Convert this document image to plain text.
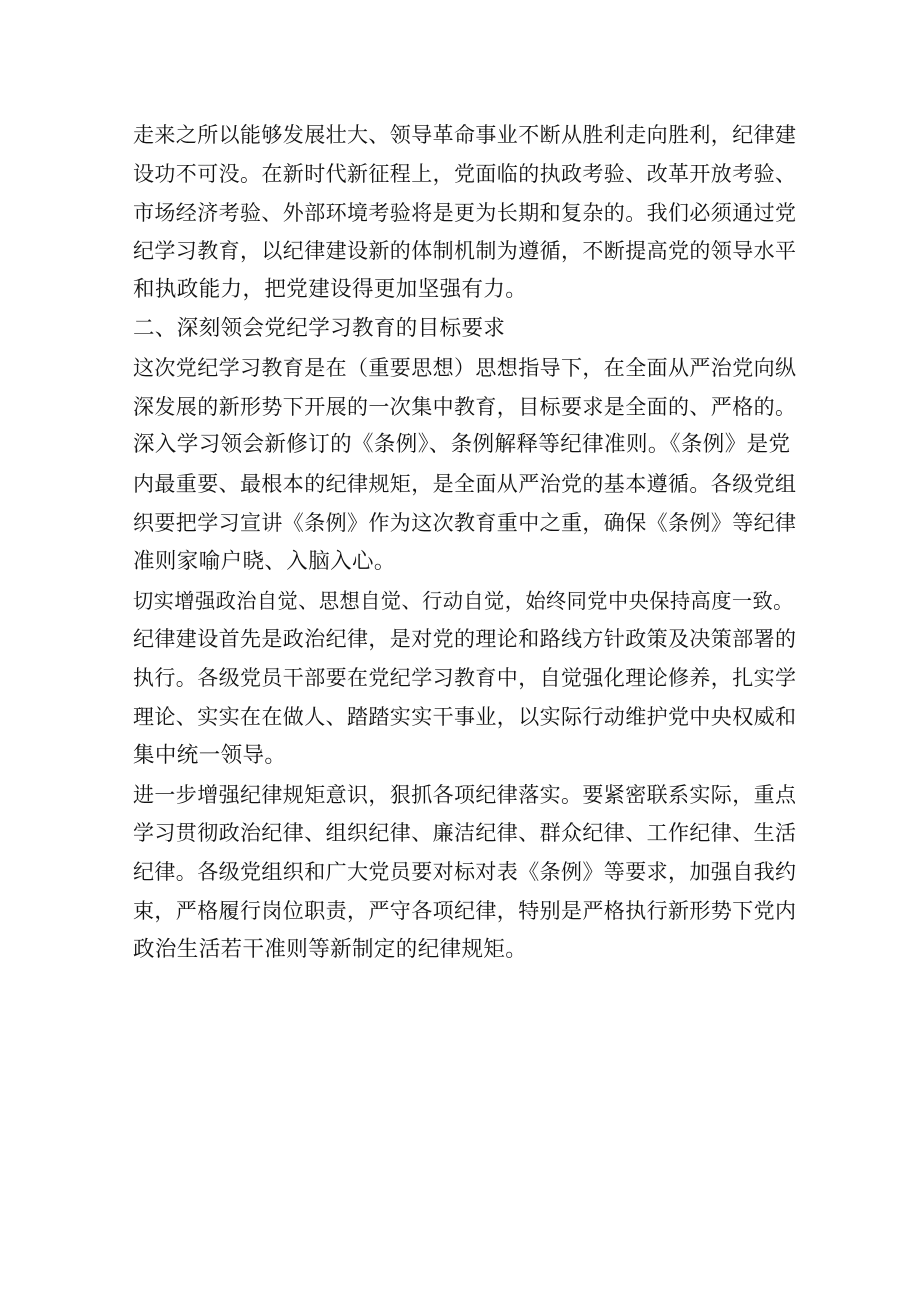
走来之所以能够发展壮大、领导革命事业不断从胜利走向胜利，纪律建
设功不可没。在新时代新征程上，党面临的执政考验、改革开放考验、
市场经济考验、外部环境考验将是更为长期和复杂的。我们必须通过党
纪学习教育，以纪律建设新的体制机制为遵循，不断提高党的领导水平
和执政能力，把党建设得更加坚强有力。

二、深刻领会党纪学习教育的目标要求

这次党纪学习教育是在（重要思想）思想指导下，在全面从严治党向纵
深发展的新形势下开展的一次集中教育，目标要求是全面的、严格的。
深入学习领会新修订的《条例》、条例解释等纪律准则。《条例》是党
内最重要、最根本的纪律规矩，是全面从严治党的基本遵循。各级党组
织要把学习宣讲《条例》作为这次教育重中之重，确保《条例》等纪律
准则家喻户晓、入脑入心。

切实增强政治自觉、思想自觉、行动自觉，始终同党中央保持高度一致。
纪律建设首先是政治纪律，是对党的理论和路线方针政策及决策部署的
执行。各级党员干部要在党纪学习教育中，自觉强化理论修养，扎实学
理论、实实在在做人、踏踏实实干事业，以实际行动维护党中央权威和
集中统一领导。

进一步增强纪律规矩意识，狠抓各项纪律落实。要紧密联系实际，重点
学习贯彻政治纪律、组织纪律、廉洁纪律、群众纪律、工作纪律、生活
纪律。各级党组织和广大党员要对标对表《条例》等要求，加强自我约
束，严格履行岗位职责，严守各项纪律，特别是严格执行新形势下党内
政治生活若干准则等新制定的纪律规矩。
